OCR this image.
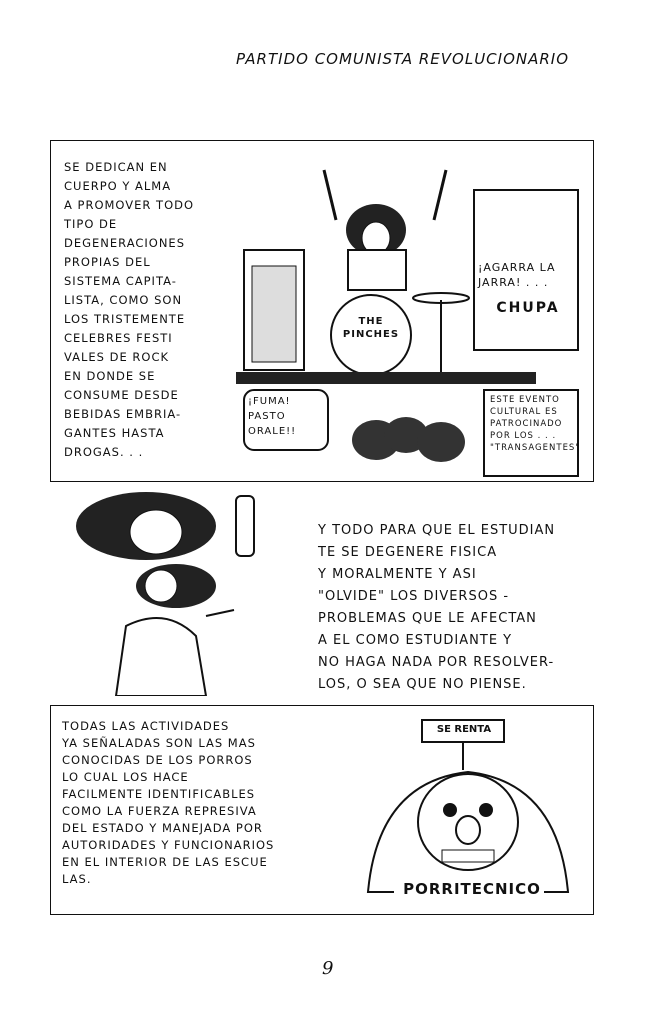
PARTIDO COMUNISTA REVOLUCIONARIO
SE DEDICAN EN
CUERPO Y ALMA
A PROMOVER TODO
TIPO DE
DEGENERACIONES
PROPIAS DEL
SISTEMA CAPITA-
LISTA, COMO SON
LOS TRISTEMENTE
CELEBRES FESTI
VALES DE ROCK
EN DONDE SE
CONSUME DESDE
BEBIDAS EMBRIA-
GANTES HASTA
DROGAS. . .
THE PINCHES
¡FUMA! PASTO ORALE!!
¡AGARRA LA JARRA! . . .
CHUPA
ESTE EVENTO CULTURAL ES PATROCINADO POR LOS . . . "TRANSAGENTES"
Y TODO PARA QUE EL ESTUDIAN
TE SE DEGENERE FISICA
Y MORALMENTE Y ASI
"OLVIDE" LOS DIVERSOS -
PROBLEMAS QUE LE AFECTAN
A EL COMO ESTUDIANTE Y
NO HAGA NADA POR RESOLVER-
LOS, O SEA QUE NO PIENSE.
TODAS LAS ACTIVIDADES
YA SEÑALADAS SON LAS MAS
CONOCIDAS DE LOS PORROS
LO CUAL LOS HACE
FACILMENTE IDENTIFICABLES
COMO LA FUERZA REPRESIVA
DEL ESTADO Y MANEJADA POR
AUTORIDADES Y FUNCIONARIOS
EN EL INTERIOR DE LAS ESCUE
LAS.
SE RENTA
PORRITECNICO
9
